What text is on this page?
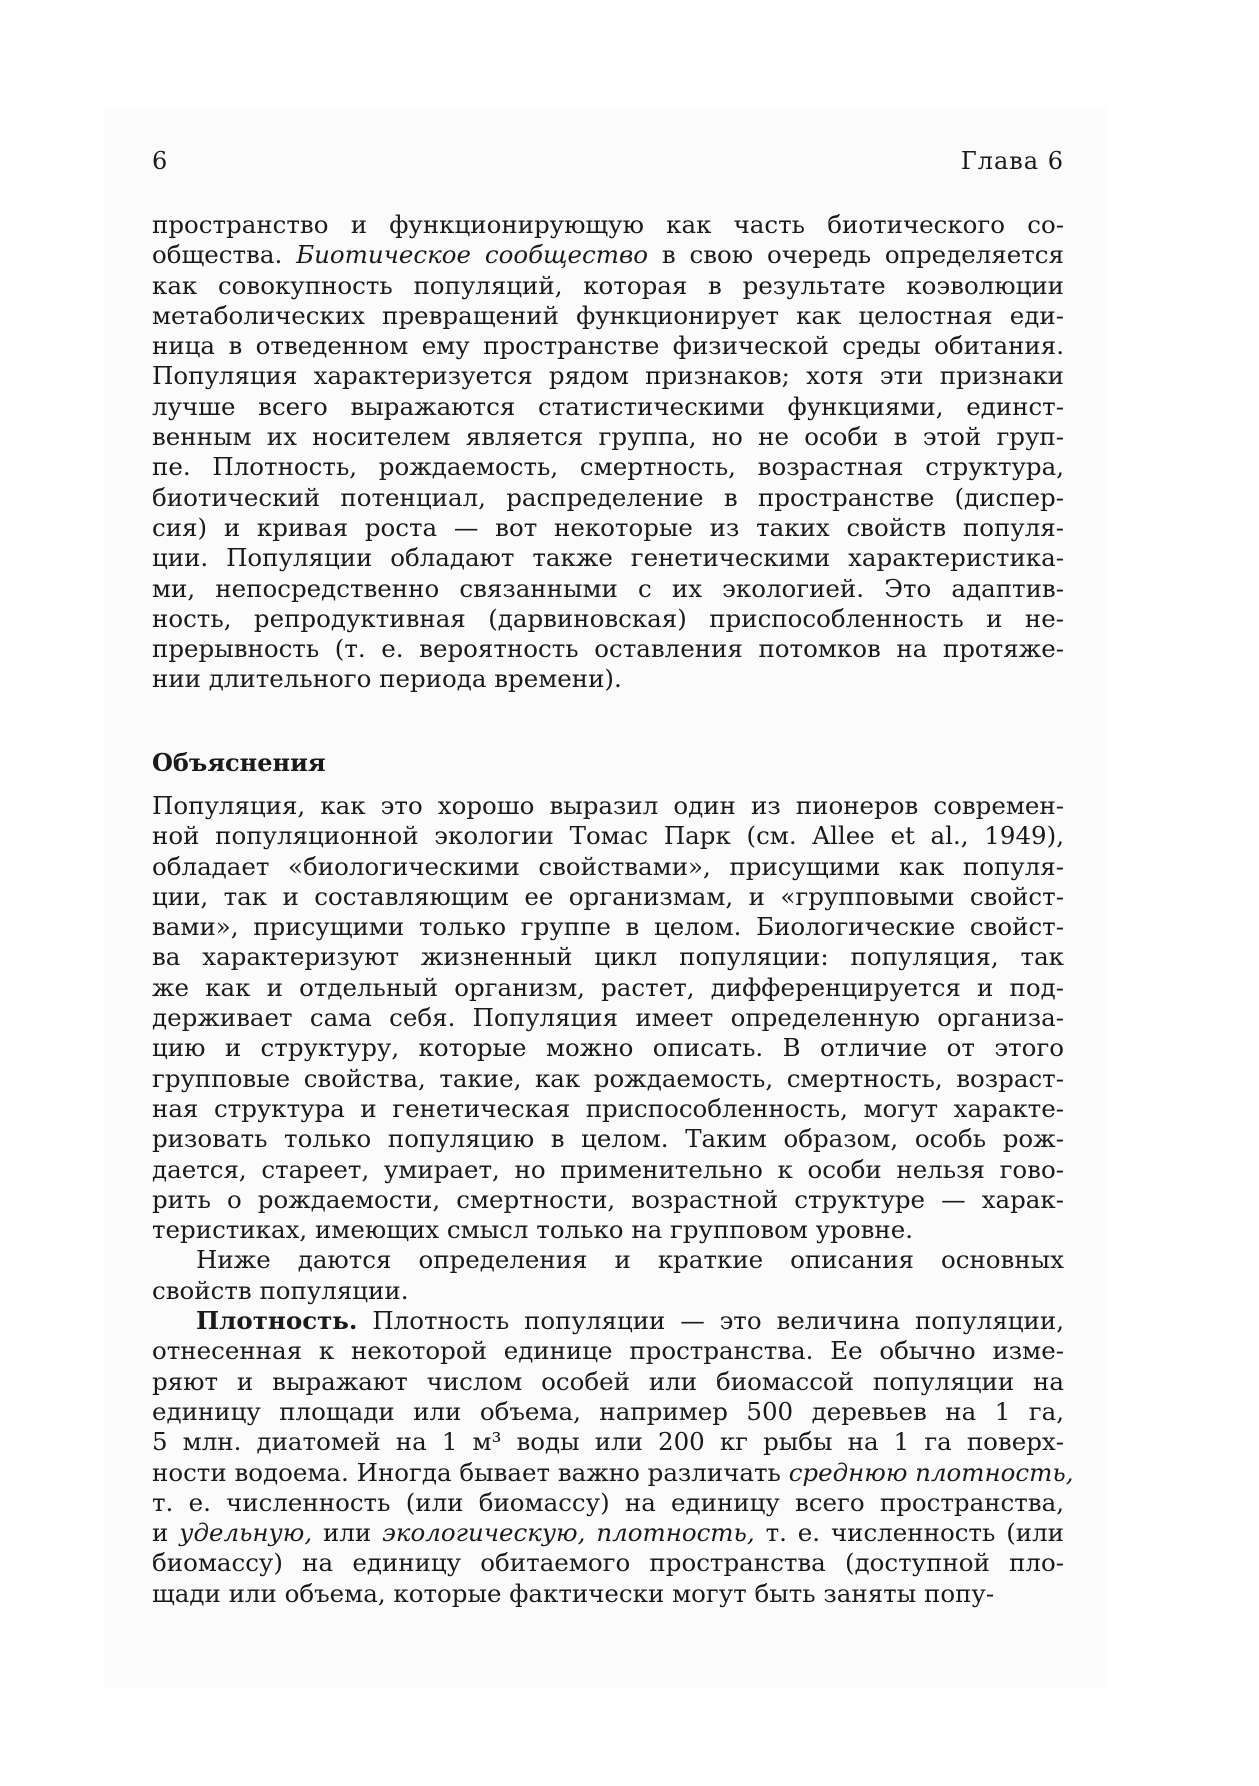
6	Глава 6
пространство и функционирующую как часть биотического со-
общества. Биотическое сообщество в свою очередь определяется
как совокупность популяций, которая в результате коэволюции
метаболических превращений функционирует как целостная еди-
ница в отведенном ему пространстве физической среды обитания.
Популяция характеризуется рядом признаков; хотя эти признаки
лучше всего выражаются статистическими функциями, единст-
венным их носителем является группа, но не особи в этой груп-
пе. Плотность, рождаемость, смертность, возрастная структура,
биотический потенциал, распределение в пространстве (диспер-
сия) и кривая роста — вот некоторые из таких свойств популя-
ции. Популяции обладают также генетическими характеристика-
ми, непосредственно связанными с их экологией. Это адаптив-
ность, репродуктивная (дарвиновская) приспособленность и не-
прерывность (т. е. вероятность оставления потомков на протяже-
нии длительного периода времени).
Объяснения
Популяция, как это хорошо выразил один из пионеров современ-
ной популяционной экологии Томас Парк (см. Allee et al., 1949),
обладает «биологическими свойствами», присущими как популя-
ции, так и составляющим ее организмам, и «групповыми свойст-
вами», присущими только группе в целом. Биологические свойст-
ва характеризуют жизненный цикл популяции: популяция, так
же как и отдельный организм, растет, дифференцируется и под-
держивает сама себя. Популяция имеет определенную организа-
цию и структуру, которые можно описать. В отличие от этого
групповые свойства, такие, как рождаемость, смертность, возраст-
ная структура и генетическая приспособленность, могут характе-
ризовать только популяцию в целом. Таким образом, особь рож-
дается, стареет, умирает, но применительно к особи нельзя гово-
рить о рождаемости, смертности, возрастной структуре — харак-
теристиках, имеющих смысл только на групповом уровне.
Ниже даются определения и краткие описания основных
свойств популяции.
Плотность. Плотность популяции — это величина популяции,
отнесенная к некоторой единице пространства. Ее обычно изме-
ряют и выражают числом особей или биомассой популяции на
единицу площади или объема, например 500 деревьев на 1 га,
5 млн. диатомей на 1 м³ воды или 200 кг рыбы на 1 га поверх-
ности водоема. Иногда бывает важно различать среднюю плотность,
т. е. численность (или биомассу) на единицу всего пространства,
и удельную, или экологическую, плотность, т. е. численность (или
биомассу) на единицу обитаемого пространства (доступной пло-
щади или объема, которые фактически могут быть заняты попу-
